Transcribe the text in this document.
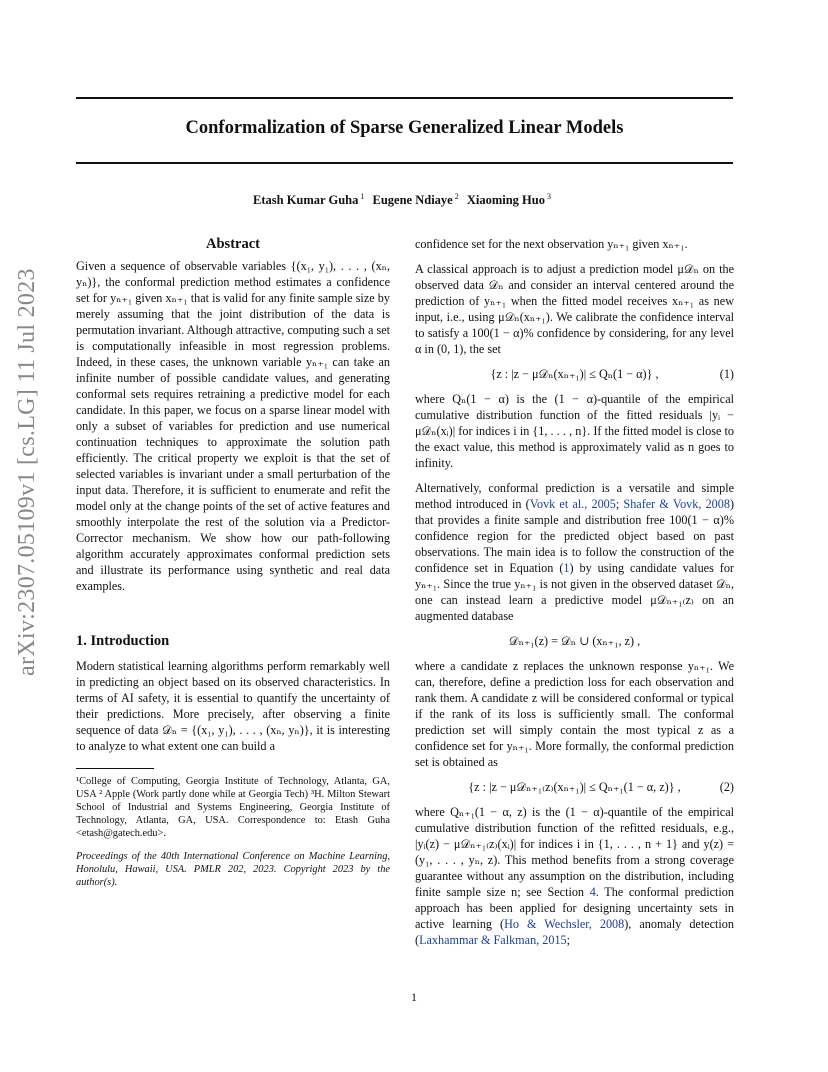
Conformalization of Sparse Generalized Linear Models
Etash Kumar Guha $^1$ Eugene Ndiaye $^2$ Xiaoming Huo $^3$
arXiv:2307.05109v1 [cs.LG] 11 Jul 2023
Abstract
Given a sequence of observable variables {(x₁, y₁), . . . , (xₙ, yₙ)}, the conformal prediction method estimates a confidence set for yₙ₊₁ given xₙ₊₁ that is valid for any finite sample size by merely assuming that the joint distribution of the data is permutation invariant. Although attractive, computing such a set is computationally infeasible in most regression problems. Indeed, in these cases, the unknown variable yₙ₊₁ can take an infinite number of possible candidate values, and generating conformal sets requires retraining a predictive model for each candidate. In this paper, we focus on a sparse linear model with only a subset of variables for prediction and use numerical continuation techniques to approximate the solution path efficiently. The critical property we exploit is that the set of selected variables is invariant under a small perturbation of the input data. Therefore, it is sufficient to enumerate and refit the model only at the change points of the set of active features and smoothly interpolate the rest of the solution via a Predictor-Corrector mechanism. We show how our path-following algorithm accurately approximates conformal prediction sets and illustrate its performance using synthetic and real data examples.
1. Introduction
Modern statistical learning algorithms perform remarkably well in predicting an object based on its observed characteristics. In terms of AI safety, it is essential to quantify the uncertainty of their predictions. More precisely, after observing a finite sequence of data 𝒟ₙ = {(x₁, y₁), . . . , (xₙ, yₙ)}, it is interesting to analyze to what extent one can build a
¹College of Computing, Georgia Institute of Technology, Atlanta, GA, USA ² Apple (Work partly done while at Georgia Tech) ³H. Milton Stewart School of Industrial and Systems Engineering, Georgia Institute of Technology, Atlanta, GA, USA. Correspondence to: Etash Guha <etash@gatech.edu>.
Proceedings of the 40th International Conference on Machine Learning, Honolulu, Hawaii, USA. PMLR 202, 2023. Copyright 2023 by the author(s).
confidence set for the next observation yₙ₊₁ given xₙ₊₁.
A classical approach is to adjust a prediction model μ𝒟ₙ on the observed data 𝒟ₙ and consider an interval centered around the prediction of yₙ₊₁ when the fitted model receives xₙ₊₁ as new input, i.e., using μ𝒟ₙ(xₙ₊₁). We calibrate the confidence interval to satisfy a 100(1 − α)% confidence by considering, for any level α in (0, 1), the set
{z : |z − μ𝒟ₙ(xₙ₊₁)| ≤ Qₙ(1 − α)} ,	(1)
where Qₙ(1 − α) is the (1 − α)-quantile of the empirical cumulative distribution function of the fitted residuals |yᵢ − μ𝒟ₙ(xᵢ)| for indices i in {1, . . . , n}. If the fitted model is close to the exact value, this method is approximately valid as n goes to infinity.
Alternatively, conformal prediction is a versatile and simple method introduced in (Vovk et al., 2005; Shafer & Vovk, 2008) that provides a finite sample and distribution free 100(1 − α)% confidence region for the predicted object based on past observations. The main idea is to follow the construction of the confidence set in Equation (1) by using candidate values for yₙ₊₁. Since the true yₙ₊₁ is not given in the observed dataset 𝒟ₙ, one can instead learn a predictive model μ𝒟ₙ₊₁₍z₎ on an augmented database
𝒟ₙ₊₁(z) = 𝒟ₙ ∪ (xₙ₊₁, z) ,
where a candidate z replaces the unknown response yₙ₊₁. We can, therefore, define a prediction loss for each observation and rank them. A candidate z will be considered conformal or typical if the rank of its loss is sufficiently small. The conformal prediction set will simply contain the most typical z as a confidence set for yₙ₊₁. More formally, the conformal prediction set is obtained as
{z : |z − μ𝒟ₙ₊₁₍z₎(xₙ₊₁)| ≤ Qₙ₊₁(1 − α, z)} ,	(2)
where Qₙ₊₁(1 − α, z) is the (1 − α)-quantile of the empirical cumulative distribution function of the refitted residuals, e.g., |yᵢ(z) − μ𝒟ₙ₊₁₍z₎(xᵢ)| for indices i in {1, . . . , n + 1} and y(z) = (y₁, . . . , yₙ, z). This method benefits from a strong coverage guarantee without any assumption on the distribution, including finite sample size n; see Section 4. The conformal prediction approach has been applied for designing uncertainty sets in active learning (Ho & Wechsler, 2008), anomaly detection (Laxhammar & Falkman, 2015;
1
